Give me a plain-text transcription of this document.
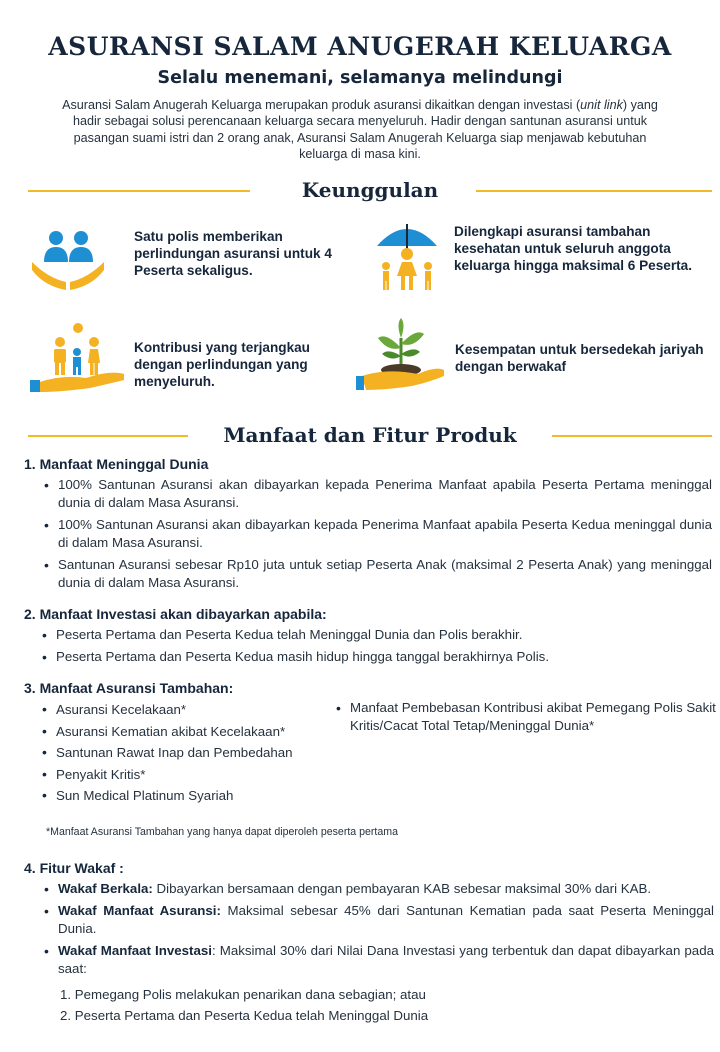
ASURANSI SALAM ANUGERAH KELUARGA
Selalu menemani, selamanya melindungi
Asuransi Salam Anugerah Keluarga merupakan produk asuransi dikaitkan dengan investasi (unit link) yang hadir sebagai solusi perencanaan keluarga secara menyeluruh. Hadir dengan santunan asuransi untuk pasangan suami istri dan 2 orang anak, Asuransi Salam Anugerah Keluarga siap menjawab kebutuhan keluarga di masa kini.
Keunggulan
Satu polis memberikan perlindungan asuransi untuk 4 Peserta sekaligus.
Dilengkapi asuransi tambahan kesehatan untuk seluruh anggota keluarga hingga maksimal 6 Peserta.
Kontribusi yang terjangkau dengan perlindungan yang menyeluruh.
Kesempatan untuk bersedekah jariyah dengan berwakaf
Manfaat dan Fitur Produk
1. Manfaat Meninggal Dunia
• 100% Santunan Asuransi akan dibayarkan kepada Penerima Manfaat apabila Peserta Pertama meninggal dunia di dalam Masa Asuransi.
• 100% Santunan Asuransi akan dibayarkan kepada Penerima Manfaat apabila Peserta Kedua meninggal dunia di dalam Masa Asuransi.
• Santunan Asuransi sebesar Rp10 juta untuk setiap Peserta Anak (maksimal 2 Peserta Anak) yang meninggal dunia di dalam Masa Asuransi.
2. Manfaat Investasi akan dibayarkan apabila:
• Peserta Pertama dan Peserta Kedua telah Meninggal Dunia dan Polis berakhir.
• Peserta Pertama dan Peserta Kedua masih hidup hingga tanggal berakhirnya Polis.
3. Manfaat Asuransi Tambahan:
• Asuransi Kecelakaan*
• Asuransi Kematian akibat Kecelakaan*
• Santunan Rawat Inap dan Pembedahan
• Penyakit Kritis*
• Sun Medical Platinum Syariah
• Manfaat Pembebasan Kontribusi akibat Pemegang Polis Sakit Kritis/Cacat Total Tetap/Meninggal Dunia*
*Manfaat Asuransi Tambahan yang hanya dapat diperoleh peserta pertama
4. Fitur Wakaf :
• Wakaf Berkala: Dibayarkan bersamaan dengan pembayaran KAB sebesar maksimal 30% dari KAB.
• Wakaf Manfaat Asuransi: Maksimal sebesar 45% dari Santunan Kematian pada saat Peserta Meninggal Dunia.
• Wakaf Manfaat Investasi: Maksimal 30% dari Nilai Dana Investasi yang terbentuk dan dapat dibayarkan pada saat:
1. Pemegang Polis melakukan penarikan dana sebagian; atau
2. Peserta Pertama dan Peserta Kedua telah Meninggal Dunia
